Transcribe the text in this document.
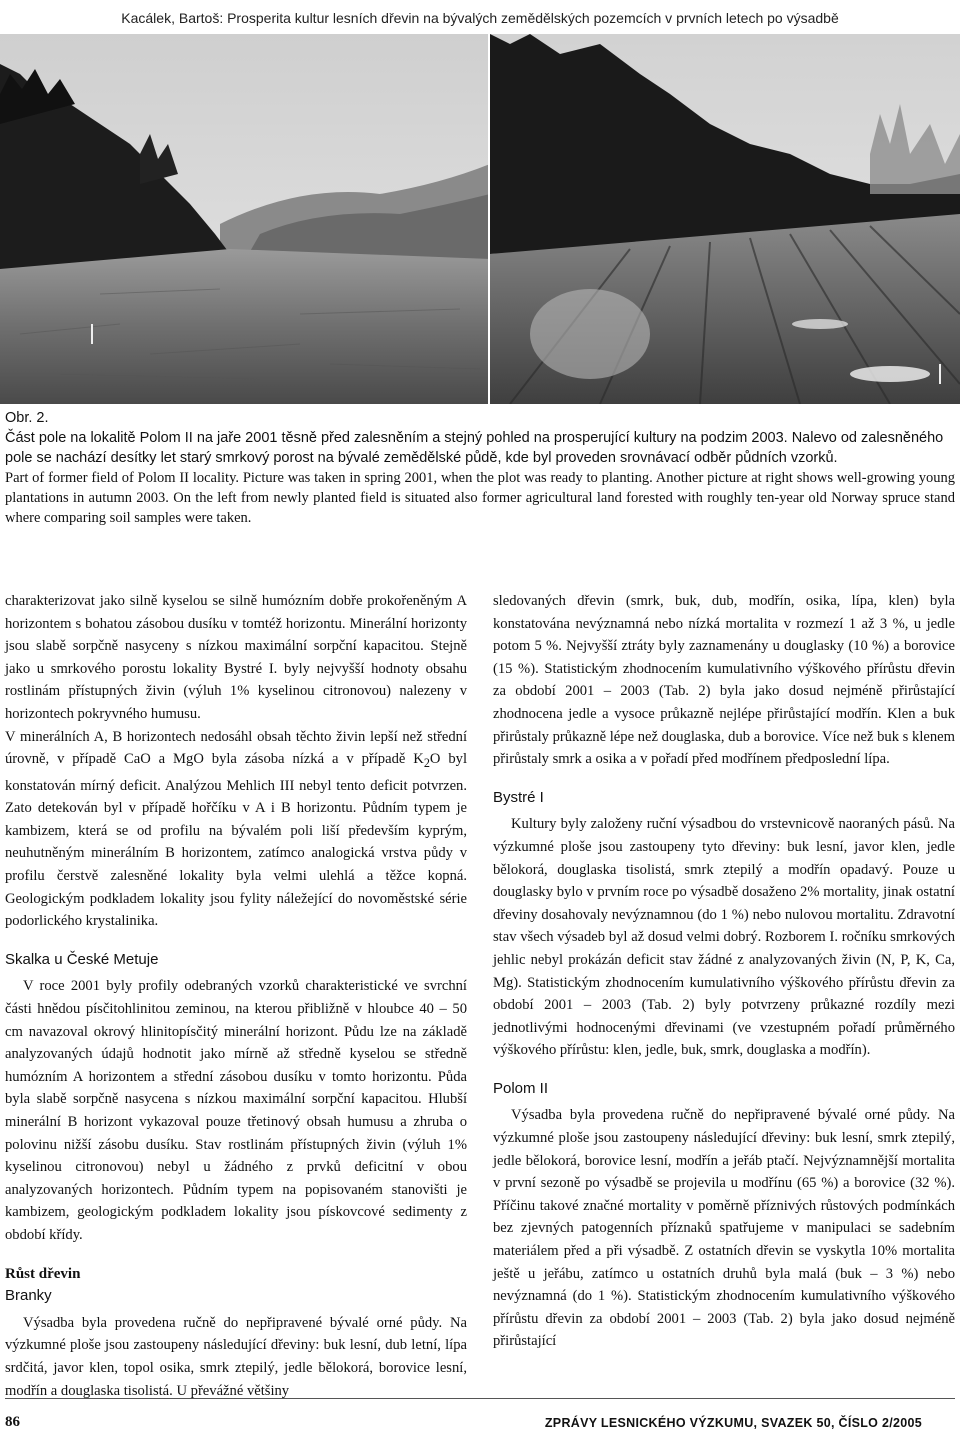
Kacálek, Bartoš: Prosperita kultur lesních dřevin na bývalých zemědělských pozemcích v prvních letech po výsadbě

Obr. 2.

Část pole na lokalitě Polom II na jaře 2001 těsně před zalesněním a stejný pohled na prosperující kultury na podzim 2003. Nalevo od zalesněného pole se nachází desítky let starý smrkový porost na bývalé zemědělské půdě, kde byl proveden srovnávací odběr půdních vzorků.

Part of former field of Polom II locality. Picture was taken in spring 2001, when the plot was ready to planting. Another picture at right shows well-growing young plantations in autumn 2003. On the left from newly planted field is situated also former agricultural land forested with roughly ten-year old Norway spruce stand where comparing soil samples were taken.

charakterizovat jako silně kyselou se silně humózním dobře prokořeněným A horizontem s bohatou zásobou dusíku v tomtéž horizontu. Minerální horizonty jsou slabě sorpčně nasyceny s nízkou maximální sorpční kapacitou. Stejně jako u smrkového porostu lokality Bystré I. byly nejvyšší hodnoty obsahu rostlinám přístupných živin (výluh 1% kyselinou citronovou) nalezeny v horizontech pokryvného humusu.

V minerálních A, B horizontech nedosáhl obsah těchto živin lepší než střední úrovně, v případě CaO a MgO byla zásoba nízká a v případě $K_2O$ byl konstatován mírný deficit. Analýzou Mehlich III nebyl tento deficit potvrzen. Zato detekován byl v případě hořčíku v A i B horizontu. Půdním typem je kambizem, která se od profilu na bývalém poli liší především kyprým, neuhutněným minerálním B horizontem, zatímco analogická vrstva půdy v profilu čerstvě zalesněné lokality byla velmi ulehlá a těžce kopná. Geologickým podkladem lokality jsou fylity náležející do novoměstské série podorlického krystalinika.

Skalka u České Metuje

V roce 2001 byly profily odebraných vzorků charakteristické ve svrchní části hnědou písčitohlinitou zeminou, na kterou přibližně v hloubce 40 – 50 cm navazoval okrový hlinitopísčitý minerální horizont. Půdu lze na základě analyzovaných údajů hodnotit jako mírně až středně kyselou se středně humózním A horizontem a střední zásobou dusíku v tomto horizontu. Půda byla slabě sorpčně nasycena s nízkou maximální sorpční kapacitou. Hlubší minerální B horizont vykazoval pouze třetinový obsah humusu a zhruba o polovinu nižší zásobu dusíku. Stav rostlinám přístupných živin (výluh 1% kyselinou citronovou) nebyl u žádného z prvků deficitní v obou analyzovaných horizontech. Půdním typem na popisovaném stanovišti je kambizem, geologickým podkladem lokality jsou pískovcové sedimenty z období křídy.

Růst dřevin
Branky

Výsadba byla provedena ručně do nepřipravené bývalé orné půdy. Na výzkumné ploše jsou zastoupeny následující dřeviny: buk lesní, dub letní, lípa srdčitá, javor klen, topol osika, smrk ztepilý, jedle bělokorá, borovice lesní, modřín a douglaska tisolistá. U převážné většiny

sledovaných dřevin (smrk, buk, dub, modřín, osika, lípa, klen) byla konstatována nevýznamná nebo nízká mortalita v rozmezí 1 až 3 %, u jedle potom 5 %. Nejvyšší ztráty byly zaznamenány u douglasky (10 %) a borovice (15 %). Statistickým zhodnocením kumulativního výškového přírůstu dřevin za období 2001 – 2003 (Tab. 2) byla jako dosud nejméně přirůstající zhodnocena jedle a vysoce průkazně nejlépe přirůstající modřín. Klen a buk přirůstaly průkazně lépe než douglaska, dub a borovice. Více než buk s klenem přirůstaly smrk a osika a v pořadí před modřínem předposlední lípa.

Bystré I

Kultury byly založeny ruční výsadbou do vrstevnicově naoraných pásů. Na výzkumné ploše jsou zastoupeny tyto dřeviny: buk lesní, javor klen, jedle bělokorá, douglaska tisolistá, smrk ztepilý a modřín opadavý. Pouze u douglasky bylo v prvním roce po výsadbě dosaženo 2% mortality, jinak ostatní dřeviny dosahovaly nevýznamnou (do 1 %) nebo nulovou mortalitu. Zdravotní stav všech výsadeb byl až dosud velmi dobrý. Rozborem I. ročníku smrkových jehlic nebyl prokázán deficit stav žádné z analyzovaných živin (N, P, K, Ca, Mg). Statistickým zhodnocením kumulativního výškového přírůstu dřevin za období 2001 – 2003 (Tab. 2) byly potvrzeny průkazné rozdíly mezi jednotlivými hodnocenými dřevinami (ve vzestupném pořadí průměrného výškového přírůstu: klen, jedle, buk, smrk, douglaska a modřín).

Polom II

Výsadba byla provedena ručně do nepřipravené bývalé orné půdy. Na výzkumné ploše jsou zastoupeny následující dřeviny: buk lesní, smrk ztepilý, jedle bělokorá, borovice lesní, modřín a jeřáb ptačí. Nejvýznamnější mortalita v první sezoně po výsadbě se projevila u modřínu (65 %) a borovice (32 %). Příčinu takové značné mortality v poměrně příznivých růstových podmínkách bez zjevných patogenních příznaků spatřujeme v manipulaci se sadebním materiálem před a při výsadbě. Z ostatních dřevin se vyskytla 10% mortalita ještě u jeřábu, zatímco u ostatních druhů byla malá (buk – 3 %) nebo nevýznamná (do 1 %). Statistickým zhodnocením kumulativního výškového přírůstu dřevin za období 2001 – 2003 (Tab. 2) byla jako dosud nejméně přirůstající

86	ZPRÁVY LESNICKÉHO VÝZKUMU, SVAZEK 50, ČÍSLO 2/2005
